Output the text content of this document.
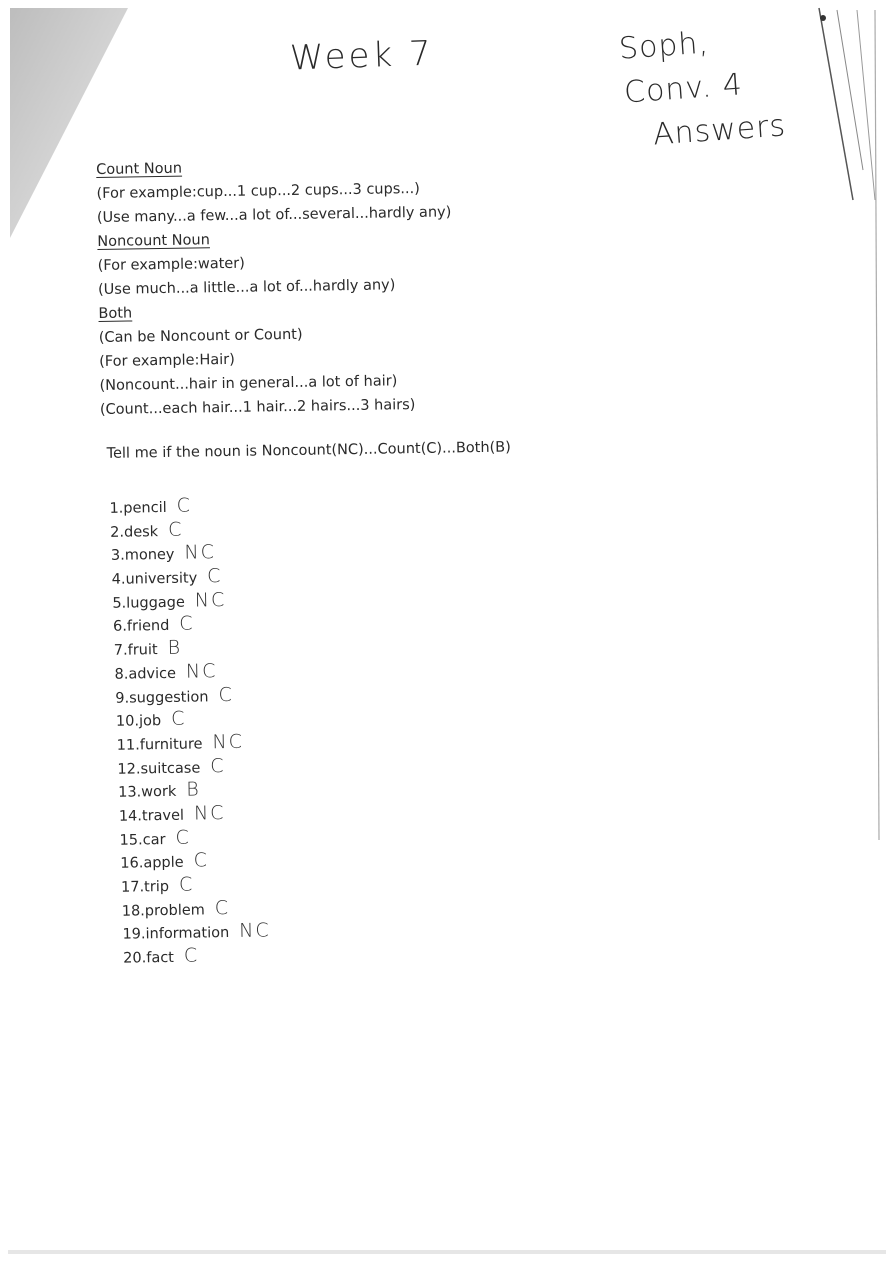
Week 7	Soph,
Conv. 4
Answers
Count Noun
(For example:cup...1 cup...2 cups...3 cups...)
(Use many...a few...a lot of...several...hardly any)
Noncount Noun
(For example:water)
(Use much...a little...a lot of...hardly any)
Both
(Can be Noncount or Count)
(For example:Hair)
(Noncount...hair in general...a lot of hair)
(Count...each hair...1 hair...2 hairs...3 hairs)
Tell me if the noun is Noncount(NC)...Count(C)...Both(B)
1.pencil C
2.desk C
3.money NC
4.university C
5.luggage NC
6.friend C
7.fruit B
8.advice NC
9.suggestion C
10.job C
11.furniture NC
12.suitcase C
13.work B
14.travel NC
15.car C
16.apple C
17.trip C
18.problem C
19.information NC
20.fact C
